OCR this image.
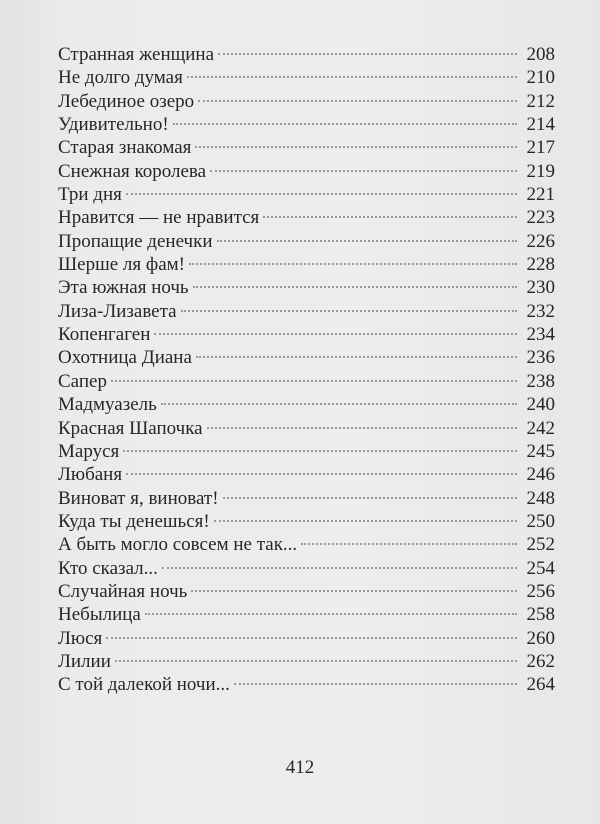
Странная женщина	208
Не долго думая	210
Лебединое озеро	212
Удивительно!	214
Старая знакомая	217
Снежная королева	219
Три дня	221
Нравится — не нравится	223
Пропащие денечки	226
Шерше ля фам!	228
Эта южная ночь	230
Лиза-Лизавета	232
Копенгаген	234
Охотница Диана	236
Сапер	238
Мадмуазель	240
Красная Шапочка	242
Маруся	245
Любаня	246
Виноват я, виноват!	248
Куда ты денешься!	250
А быть могло совсем не так...	252
Кто сказал...	254
Случайная ночь	256
Небылица	258
Люся	260
Лилии	262
С той далекой ночи...	264
412
